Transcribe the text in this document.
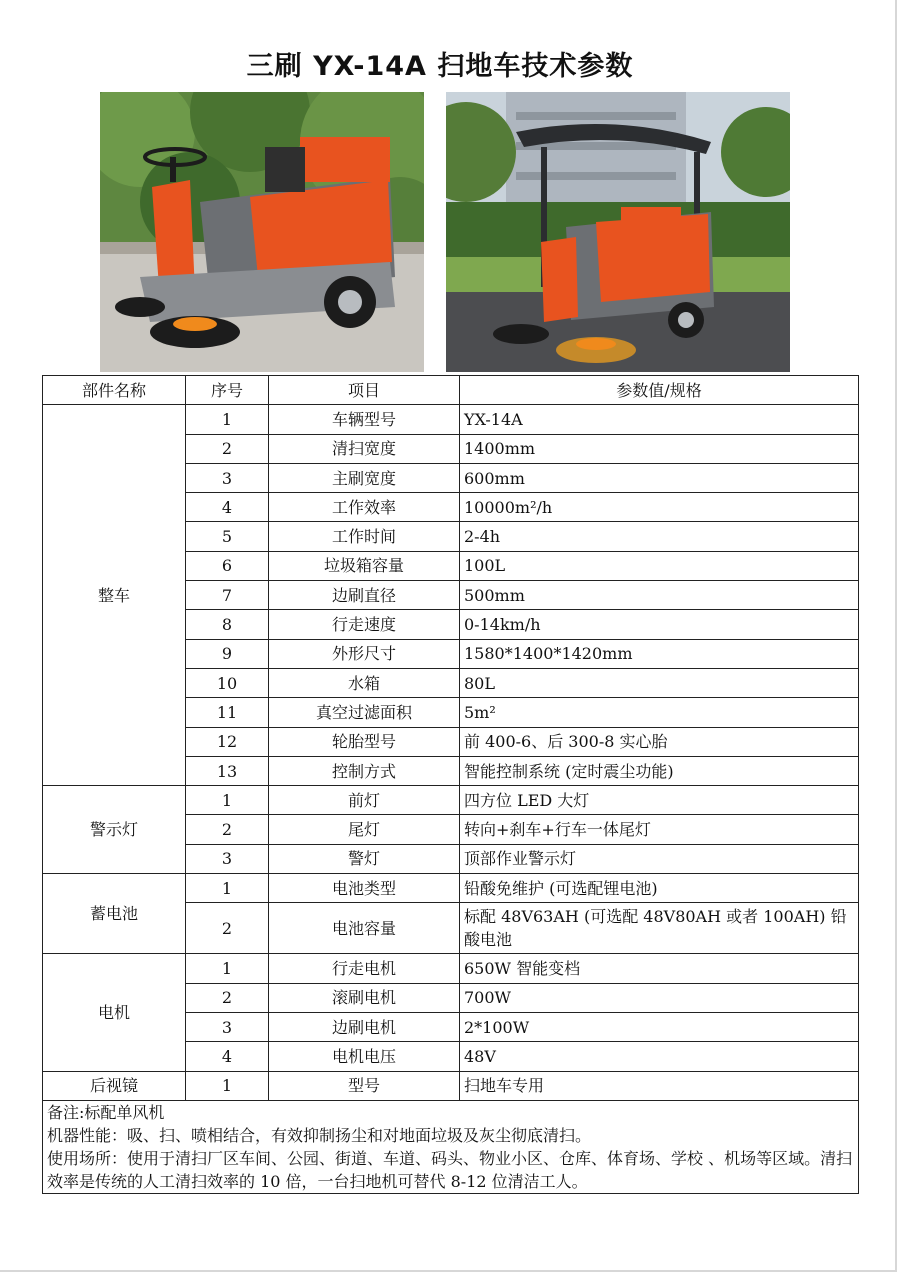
三刷 YX-14A 扫地车技术参数
部件名称	序号	项目	参数值/规格
整车	1	车辆型号	YX-14A
	2	清扫宽度	1400mm
	3	主刷宽度	600mm
	4	工作效率	10000m²/h
	5	工作时间	2-4h
	6	垃圾箱容量	100L
	7	边刷直径	500mm
	8	行走速度	0-14km/h
	9	外形尺寸	1580*1400*1420mm
	10	水箱	80L
	11	真空过滤面积	5m²
	12	轮胎型号	前 400-6、后 300-8 实心胎
	13	控制方式	智能控制系统 (定时震尘功能)
警示灯	1	前灯	四方位 LED 大灯
	2	尾灯	转向+刹车+行车一体尾灯
	3	警灯	顶部作业警示灯
蓄电池	1	电池类型	铅酸免维护 (可选配锂电池)
	2	电池容量	标配 48V63AH (可选配 48V80AH 或者 100AH) 铅酸电池
电机	1	行走电机	650W 智能变档
	2	滚刷电机	700W
	3	边刷电机	2*100W
	4	电机电压	48V
后视镜	1	型号	扫地车专用

备注:标配单风机
机器性能：吸、扫、喷相结合，有效抑制扬尘和对地面垃圾及灰尘彻底清扫。
使用场所：使用于清扫厂区车间、公园、街道、车道、码头、物业小区、仓库、体育场、学校 、机场等区域。清扫效率是传统的人工清扫效率的 10 倍，一台扫地机可替代 8-12 位清洁工人。			
